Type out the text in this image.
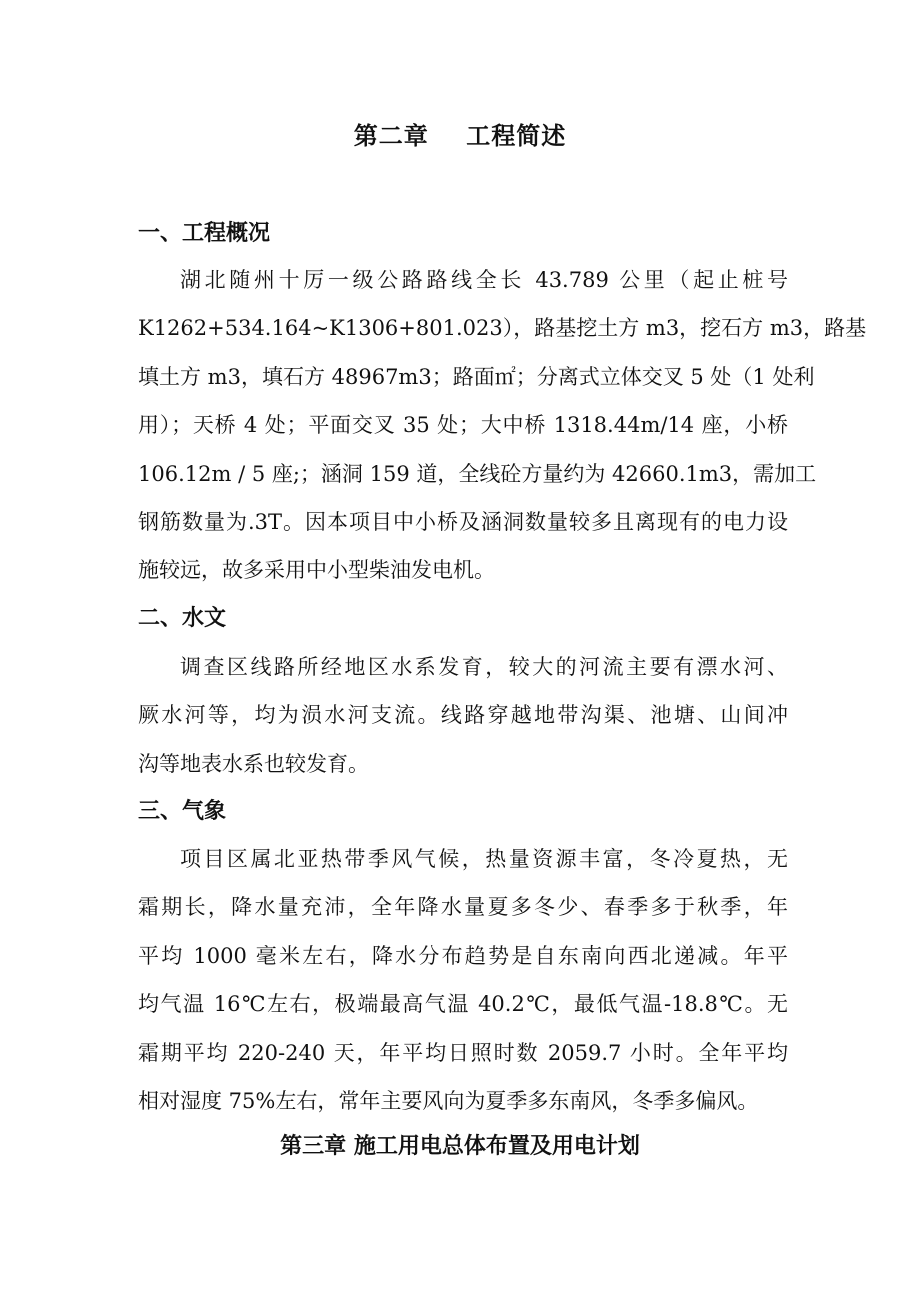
第二章    工程简述
一、工程概况
湖北随州十厉一级公路路线全长 43.789 公里（起止桩号
K1262+534.164~K1306+801.023），路基挖土方 m3，挖石方 m3，路基
填土方 m3，填石方 48967m3；路面㎡；分离式立体交叉 5 处（1 处利
用）；天桥 4 处；平面交叉 35 处；大中桥 1318.44m/14 座，小桥
106.12m / 5 座;；涵洞 159 道，全线砼方量约为 42660.1m3，需加工
钢筋数量为.3T。因本项目中小桥及涵洞数量较多且离现有的电力设
施较远，故多采用中小型柴油发电机。
二、水文
调查区线路所经地区水系发育，较大的河流主要有漂水河、
厥水河等，均为涢水河支流。线路穿越地带沟渠、池塘、山间冲
沟等地表水系也较发育。
三、气象
项目区属北亚热带季风气候，热量资源丰富，冬冷夏热，无
霜期长，降水量充沛，全年降水量夏多冬少、春季多于秋季，年
平均 1000 毫米左右，降水分布趋势是自东南向西北递减。年平
均气温 16℃左右，极端最高气温 40.2℃，最低气温-18.8℃。无
霜期平均 220-240 天，年平均日照时数 2059.7 小时。全年平均
相对湿度 75%左右，常年主要风向为夏季多东南风，冬季多偏风。
第三章 施工用电总体布置及用电计划
